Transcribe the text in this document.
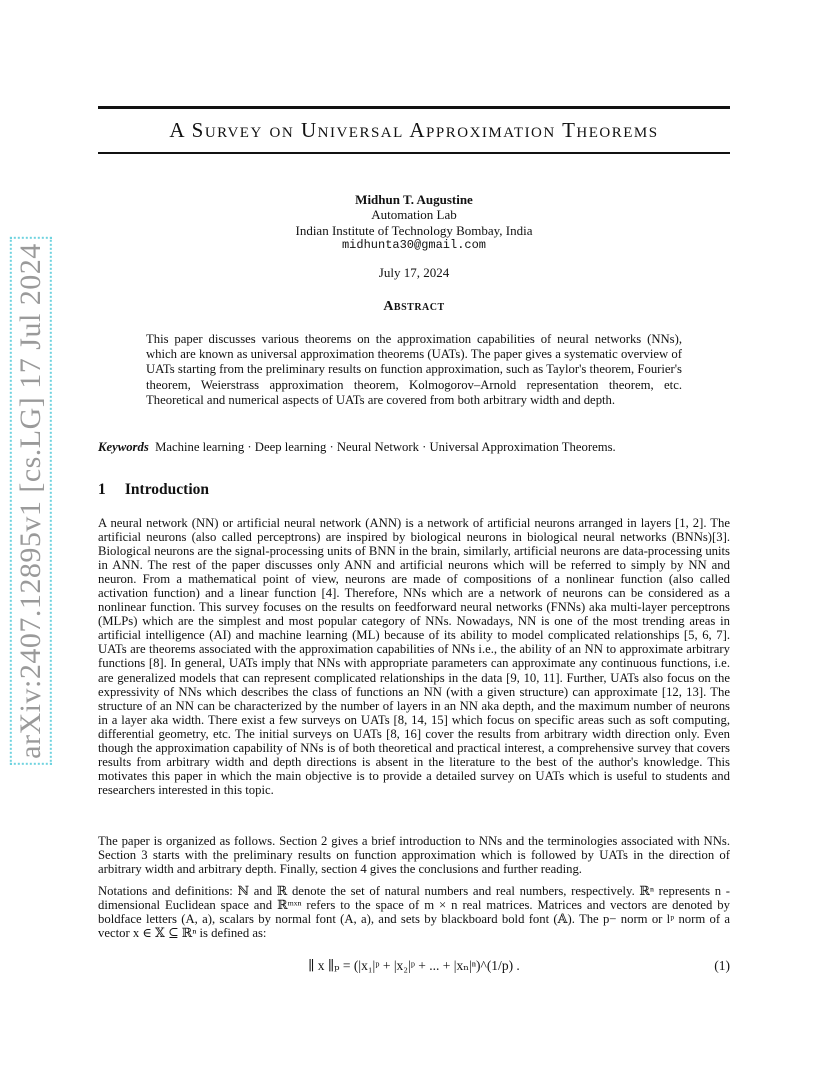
arXiv:2407.12895v1 [cs.LG] 17 Jul 2024
A Survey on Universal Approximation Theorems
Midhun T. Augustine
Automation Lab
Indian Institute of Technology Bombay, India
midhunta30@gmail.com
July 17, 2024
Abstract
This paper discusses various theorems on the approximation capabilities of neural networks (NNs), which are known as universal approximation theorems (UATs). The paper gives a systematic overview of UATs starting from the preliminary results on function approximation, such as Taylor's theorem, Fourier's theorem, Weierstrass approximation theorem, Kolmogorov–Arnold representation theorem, etc. Theoretical and numerical aspects of UATs are covered from both arbitrary width and depth.
Keywords Machine learning · Deep learning · Neural Network · Universal Approximation Theorems.
1 Introduction
A neural network (NN) or artificial neural network (ANN) is a network of artificial neurons arranged in layers [1, 2]. The artificial neurons (also called perceptrons) are inspired by biological neurons in biological neural networks (BNNs)[3]. Biological neurons are the signal-processing units of BNN in the brain, similarly, artificial neurons are data-processing units in ANN. The rest of the paper discusses only ANN and artificial neurons which will be referred to simply by NN and neuron. From a mathematical point of view, neurons are made of compositions of a nonlinear function (also called activation function) and a linear function [4]. Therefore, NNs which are a network of neurons can be considered as a nonlinear function. This survey focuses on the results on feedforward neural networks (FNNs) aka multi-layer perceptrons (MLPs) which are the simplest and most popular category of NNs. Nowadays, NN is one of the most trending areas in artificial intelligence (AI) and machine learning (ML) because of its ability to model complicated relationships [5, 6, 7]. UATs are theorems associated with the approximation capabilities of NNs i.e., the ability of an NN to approximate arbitrary functions [8]. In general, UATs imply that NNs with appropriate parameters can approximate any continuous functions, i.e. are generalized models that can represent complicated relationships in the data [9, 10, 11]. Further, UATs also focus on the expressivity of NNs which describes the class of functions an NN (with a given structure) can approximate [12, 13]. The structure of an NN can be characterized by the number of layers in an NN aka depth, and the maximum number of neurons in a layer aka width. There exist a few surveys on UATs [8, 14, 15] which focus on specific areas such as soft computing, differential geometry, etc. The initial surveys on UATs [8, 16] cover the results from arbitrary width direction only. Even though the approximation capability of NNs is of both theoretical and practical interest, a comprehensive survey that covers results from arbitrary width and depth directions is absent in the literature to the best of the author's knowledge. This motivates this paper in which the main objective is to provide a detailed survey on UATs which is useful to students and researchers interested in this topic.
The paper is organized as follows. Section 2 gives a brief introduction to NNs and the terminologies associated with NNs. Section 3 starts with the preliminary results on function approximation which is followed by UATs in the direction of arbitrary width and arbitrary depth. Finally, section 4 gives the conclusions and further reading.
Notations and definitions: ℕ and ℝ denote the set of natural numbers and real numbers, respectively. ℝⁿ represents n - dimensional Euclidean space and ℝᵐˣⁿ refers to the space of m × n real matrices. Matrices and vectors are denoted by boldface letters (A, a), scalars by normal font (A, a), and sets by blackboard bold font (𝔸). The p− norm or lᵖ norm of a vector x ∈ 𝕏 ⊆ ℝⁿ is defined as:
∥ x ∥ₚ = (|x₁|ᵖ + |x₂|ᵖ + ... + |xₙ|ⁿ)^(1/p) .	(1)
